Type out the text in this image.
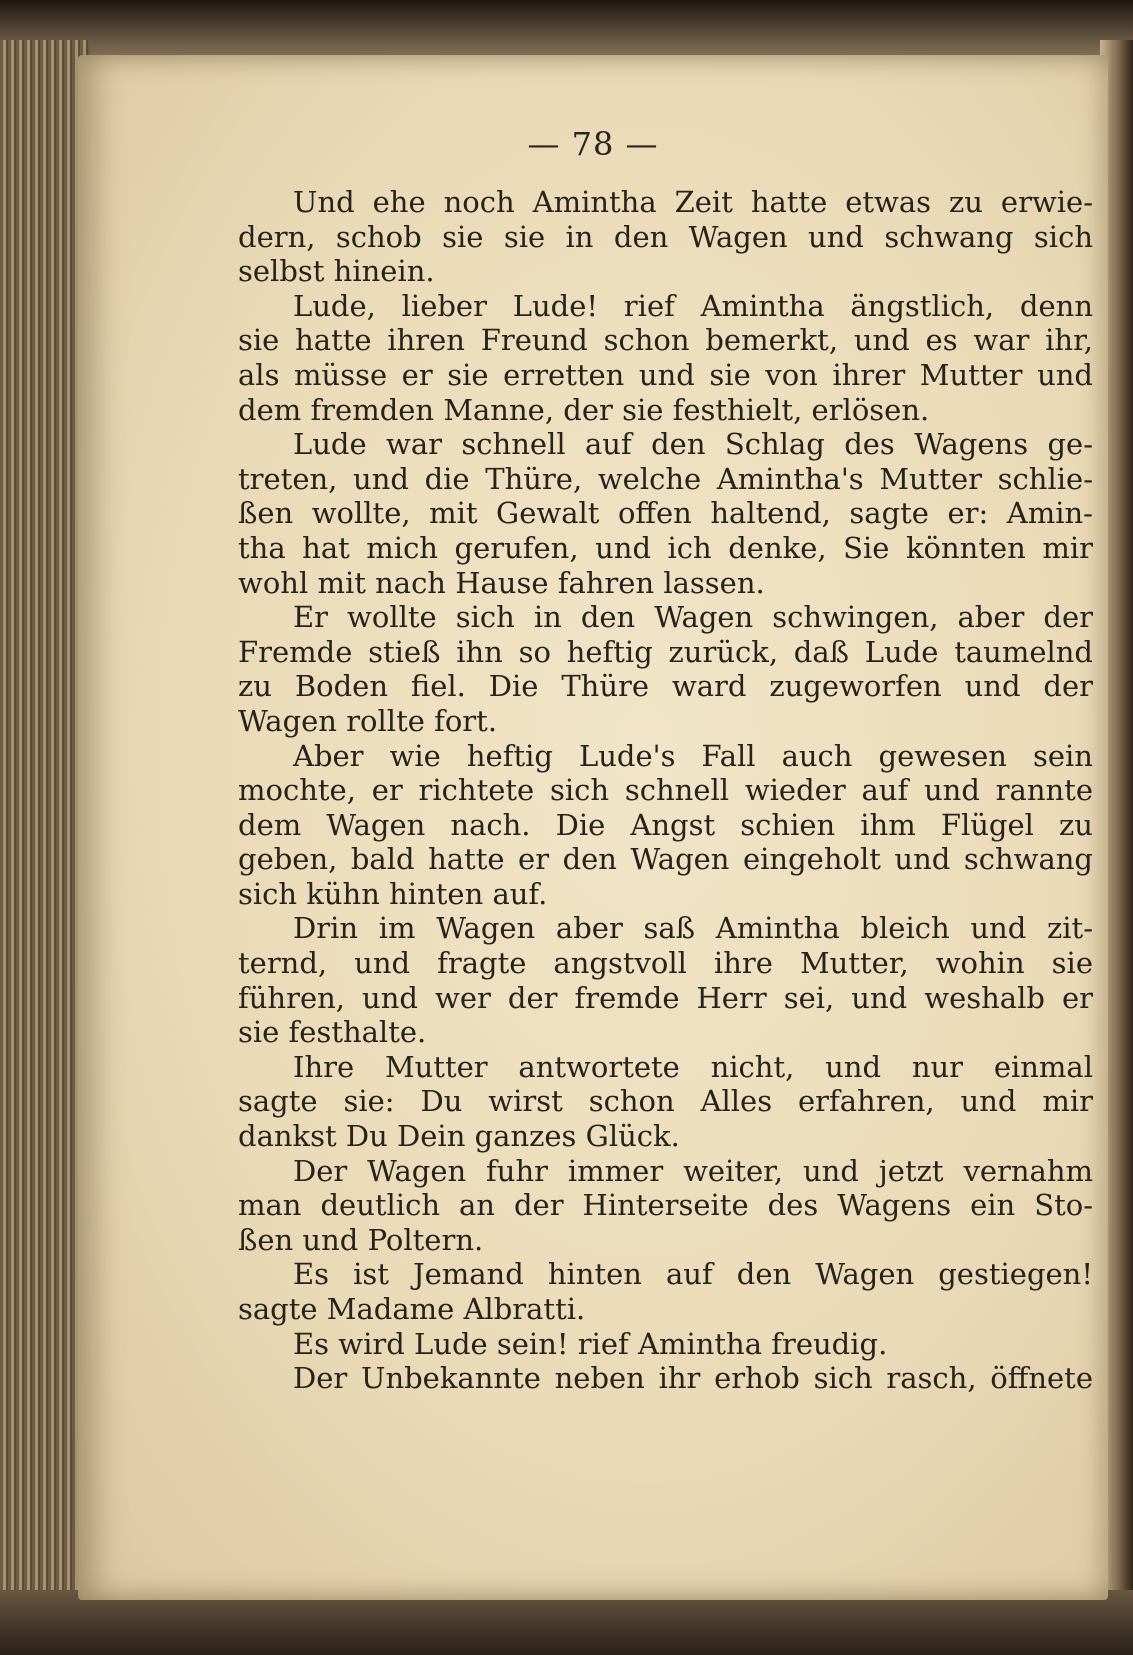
— 78 —
Und ehe noch Amintha Zeit hatte etwas zu erwie-
dern, schob sie sie in den Wagen und schwang sich
selbst hinein.
Lude, lieber Lude! rief Amintha ängstlich, denn
sie hatte ihren Freund schon bemerkt, und es war ihr,
als müsse er sie erretten und sie von ihrer Mutter und
dem fremden Manne, der sie festhielt, erlösen.
Lude war schnell auf den Schlag des Wagens ge-
treten, und die Thüre, welche Amintha's Mutter schlie-
ßen wollte, mit Gewalt offen haltend, sagte er: Amin-
tha hat mich gerufen, und ich denke, Sie könnten mir
wohl mit nach Hause fahren lassen.
Er wollte sich in den Wagen schwingen, aber der
Fremde stieß ihn so heftig zurück, daß Lude taumelnd
zu Boden fiel. Die Thüre ward zugeworfen und der
Wagen rollte fort.
Aber wie heftig Lude's Fall auch gewesen sein
mochte, er richtete sich schnell wieder auf und rannte
dem Wagen nach. Die Angst schien ihm Flügel zu
geben, bald hatte er den Wagen eingeholt und schwang
sich kühn hinten auf.
Drin im Wagen aber saß Amintha bleich und zit-
ternd, und fragte angstvoll ihre Mutter, wohin sie
führen, und wer der fremde Herr sei, und weshalb er
sie festhalte.
Ihre Mutter antwortete nicht, und nur einmal
sagte sie: Du wirst schon Alles erfahren, und mir
dankst Du Dein ganzes Glück.
Der Wagen fuhr immer weiter, und jetzt vernahm
man deutlich an der Hinterseite des Wagens ein Sto-
ßen und Poltern.
Es ist Jemand hinten auf den Wagen gestiegen!
sagte Madame Albratti.
Es wird Lude sein! rief Amintha freudig.
Der Unbekannte neben ihr erhob sich rasch, öffnete
